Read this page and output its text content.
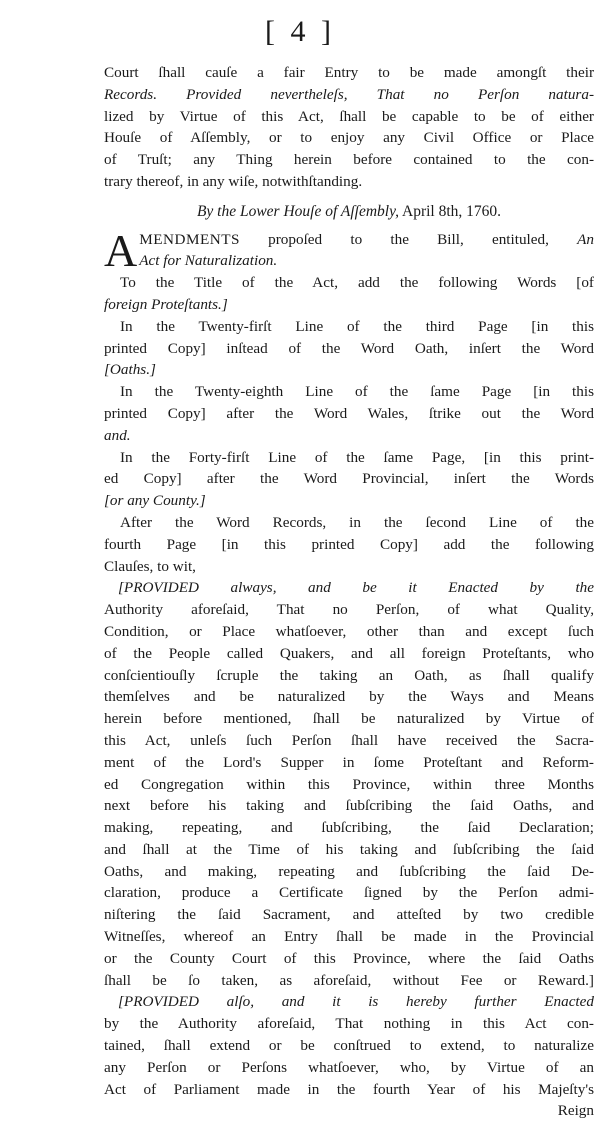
[ 4 ]
Court ſhall cauſe a fair Entry to be made amongſt their
Records. Provided nevertheleſs, That no Perſon natura-
lized by Virtue of this Act, ſhall be capable to be of either
Houſe of Aſſembly, or to enjoy any Civil Office or Place
of Truſt; any Thing herein before contained to the con-
trary thereof, in any wiſe, notwithſtanding.
By the Lower Houſe of Aſſembly, April 8th, 1760.
A MENDMENTS propoſed to the Bill, entituled, An
Act for Naturalization.
To the Title of the Act, add the following Words [of
foreign Proteſtants.]
In the Twenty-firſt Line of the third Page [in this
printed Copy] inſtead of the Word Oath, inſert the Word
[Oaths.]
In the Twenty-eighth Line of the ſame Page [in this
printed Copy] after the Word Wales, ſtrike out the Word
and.
In the Forty-firſt Line of the ſame Page, [in this print-
ed Copy] after the Word Provincial, inſert the Words
[or any County.]
After the Word Records, in the ſecond Line of the
fourth Page [in this printed Copy] add the following
Clauſes, to wit,
[PROVIDED always, and be it Enacted by the
Authority aforeſaid, That no Perſon, of what Quality,
Condition, or Place whatſoever, other than and except ſuch
of the People called Quakers, and all foreign Proteſtants, who
conſcientiouſly ſcruple the taking an Oath, as ſhall qualify
themſelves and be naturalized by the Ways and Means
herein before mentioned, ſhall be naturalized by Virtue of
this Act, unleſs ſuch Perſon ſhall have received the Sacra-
ment of the Lord's Supper in ſome Proteſtant and Reform-
ed Congregation within this Province, within three Months
next before his taking and ſubſcribing the ſaid Oaths, and
making, repeating, and ſubſcribing, the ſaid Declaration;
and ſhall at the Time of his taking and ſubſcribing the ſaid
Oaths, and making, repeating and ſubſcribing the ſaid De-
claration, produce a Certificate ſigned by the Perſon admi-
niſtering the ſaid Sacrament, and atteſted by two credible
Witneſſes, whereof an Entry ſhall be made in the Provincial
or the County Court of this Province, where the ſaid Oaths
ſhall be ſo taken, as aforeſaid, without Fee or Reward.]
[PROVIDED alſo, and it is hereby further Enacted
by the Authority aforeſaid, That nothing in this Act con-
tained, ſhall extend or be conſtrued to extend, to naturalize
any Perſon or Perſons whatſoever, who, by Virtue of an
Act of Parliament made in the fourth Year of his Majeſty's
Reign
